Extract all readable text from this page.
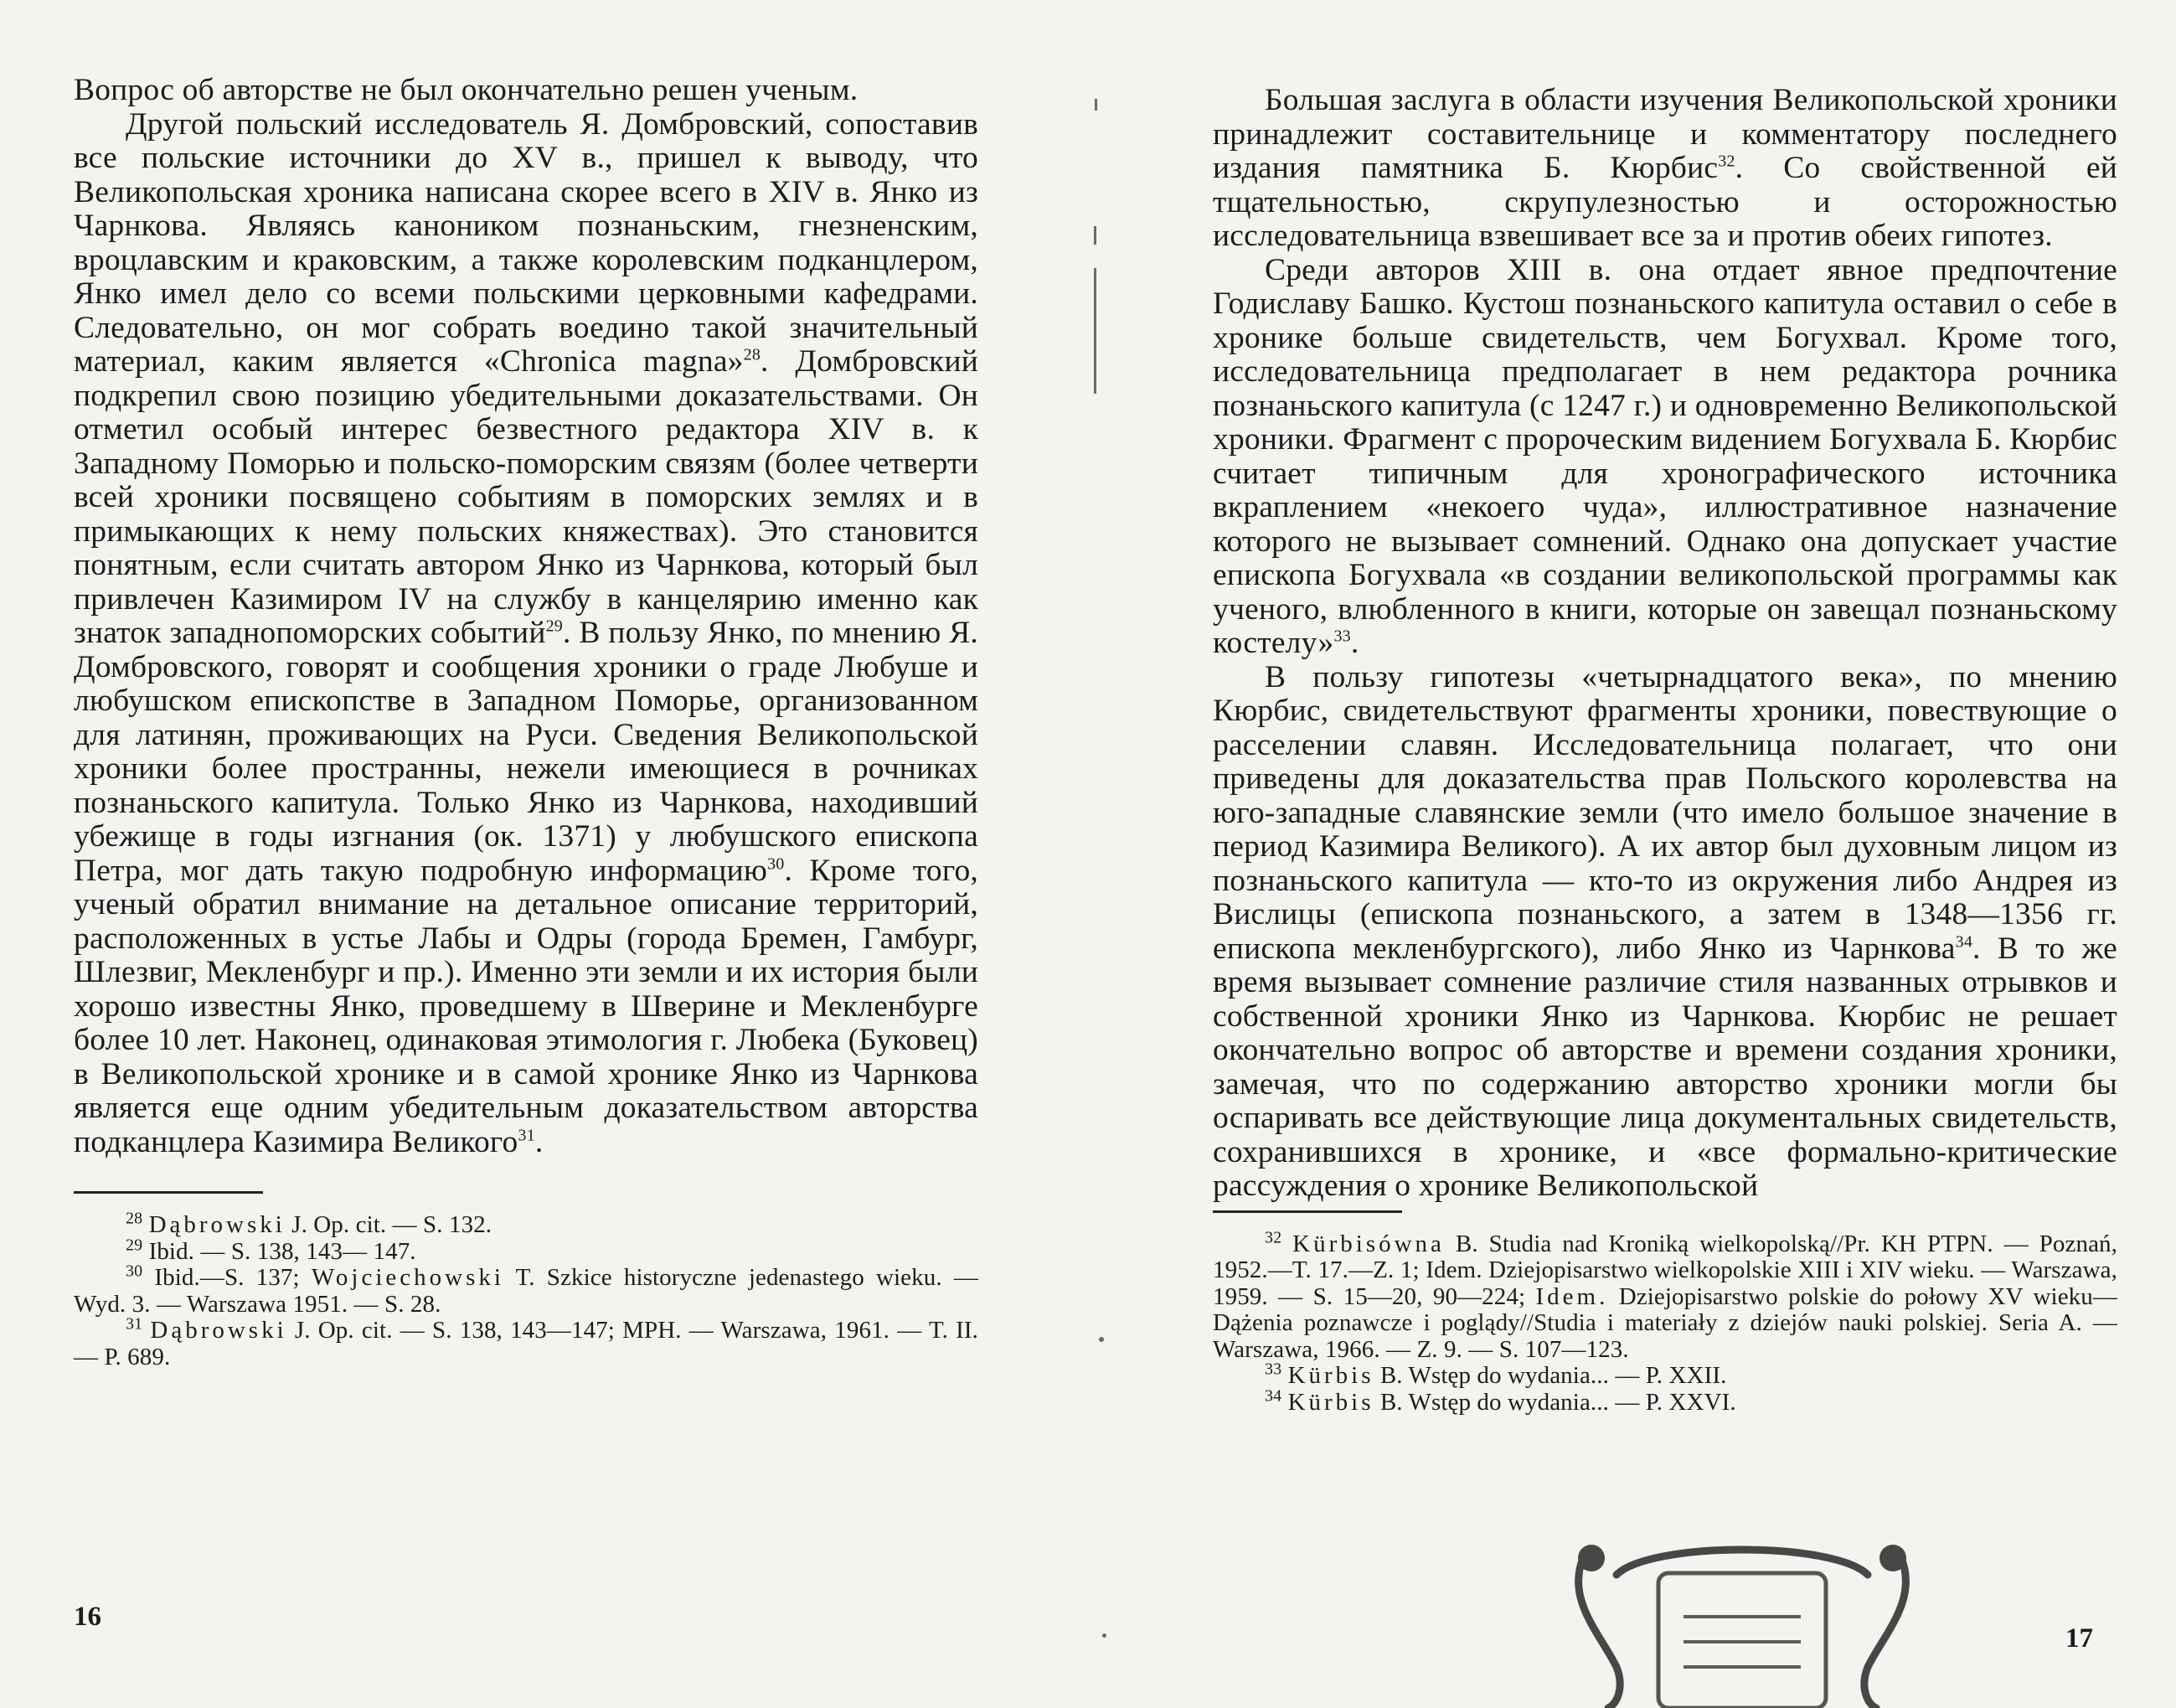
Вопрос об авторстве не был окончательно решен ученым.

Другой польский исследователь Я. Домбровский, сопоставив все польские источники до XV в., пришел к выводу, что Великопольская хроника написана скорее всего в XIV в. Янко из Чарнкова. Являясь каноником познаньским, гнезненским, вроцлавским и краковским, а также королевским подканцлером, Янко имел дело со всеми польскими церковными кафедрами. Следовательно, он мог собрать воедино такой значительный материал, каким является «Chronica magna»$^{28}$. Домбровский подкрепил свою позицию убедительными доказательствами. Он отметил особый интерес безвестного редактора XIV в. к Западному Поморью и польско-поморским связям (более четверти всей хроники посвящено событиям в поморских землях и в примыкающих к нему польских княжествах). Это становится понятным, если считать автором Янко из Чарнкова, который был привлечен Казимиром IV на службу в канцелярию именно как знаток западнопоморских событий$^{29}$. В пользу Янко, по мнению Я. Домбровского, говорят и сообщения хроники о граде Любуше и любушском епископстве в Западном Поморье, организованном для латинян, проживающих на Руси. Сведения Великопольской хроники более пространны, нежели имеющиеся в рочниках познаньского капитула. Только Янко из Чарнкова, находивший убежище в годы изгнания (ок. 1371) у любушского епископа Петра, мог дать такую подробную информацию$^{30}$. Кроме того, ученый обратил внимание на детальное описание территорий, расположенных в устье Лабы и Одры (города Бремен, Гамбург, Шлезвиг, Мекленбург и пр.). Именно эти земли и их история были хорошо известны Янко, проведшему в Шверине и Мекленбурге более 10 лет. Наконец, одинаковая этимология г. Любека (Буковец) в Великопольской хронике и в самой хронике Янко из Чарнкова является еще одним убедительным доказательством авторства подканцлера Казимира Великого$^{31}$.

$^{28}$ Dąbrowski J. Op. cit. — S. 132.

$^{29}$ Ibid. — S. 138, 143— 147.

$^{30}$ Ibid.—S. 137; Wojciechowski T. Szkice historyczne jedenastego wieku. — Wyd. 3. — Warszawa 1951. — S. 28.

$^{31}$ Dąbrowski J. Op. cit. — S. 138, 143—147; MPH. — Warszawa, 1961. — T. II. — P. 689.

16

Большая заслуга в области изучения Великопольской хроники принадлежит составительнице и комментатору последнего издания памятника Б. Кюрбис$^{32}$. Со свойственной ей тщательностью, скрупулезностью и осторожностью исследовательница взвешивает все за и против обеих гипотез.

Среди авторов XIII в. она отдает явное предпочтение Годиславу Башко. Кустош познаньского капитула оставил о себе в хронике больше свидетельств, чем Богухвал. Кроме того, исследовательница предполагает в нем редактора рочника познаньского капитула (с 1247 г.) и одновременно Великопольской хроники. Фрагмент с пророческим видением Богухвала Б. Кюрбис считает типичным для хронографического источника вкраплением «некоего чуда», иллюстративное назначение которого не вызывает сомнений. Однако она допускает участие епископа Богухвала «в создании великопольской программы как ученого, влюбленного в книги, которые он завещал познаньскому костелу»$^{33}$.

В пользу гипотезы «четырнадцатого века», по мнению Кюрбис, свидетельствуют фрагменты хроники, повествующие о расселении славян. Исследовательница полагает, что они приведены для доказательства прав Польского королевства на юго-западные славянские земли (что имело большое значение в период Казимира Великого). А их автор был духовным лицом из познаньского капитула — кто-то из окружения либо Андрея из Вислицы (епископа познаньского, а затем в 1348—1356 гг. епископа мекленбургского), либо Янко из Чарнкова$^{34}$. В то же время вызывает сомнение различие стиля названных отрывков и собственной хроники Янко из Чарнкова. Кюрбис не решает окончательно вопрос об авторстве и времени создания хроники, замечая, что по содержанию авторство хроники могли бы оспаривать все действующие лица документальных свидетельств, сохранившихся в хронике, и «все формально-критические рассуждения о хронике Великопольской

$^{32}$ Kürbisówna B. Studia nad Kroniką wielkopolską//Pr. KH PTPN. — Poznań, 1952.—T. 17.—Z. 1; Idem. Dziejopisarstwo wielkopolskie XIII i XIV wieku. — Warszawa, 1959. — S. 15—20, 90—224; Idem. Dziejopisarstwo polskie do połowy XV wieku—Dążenia poznawcze i poglądy//Studia i materiały z dziejów nauki polskiej. Seria A. — Warszawa, 1966. — Z. 9. — S. 107—123.

$^{33}$ Kürbis B. Wstęp do wydania... — P. XXII.

$^{34}$ Kürbis B. Wstęp do wydania... — P. XXVI.

17
